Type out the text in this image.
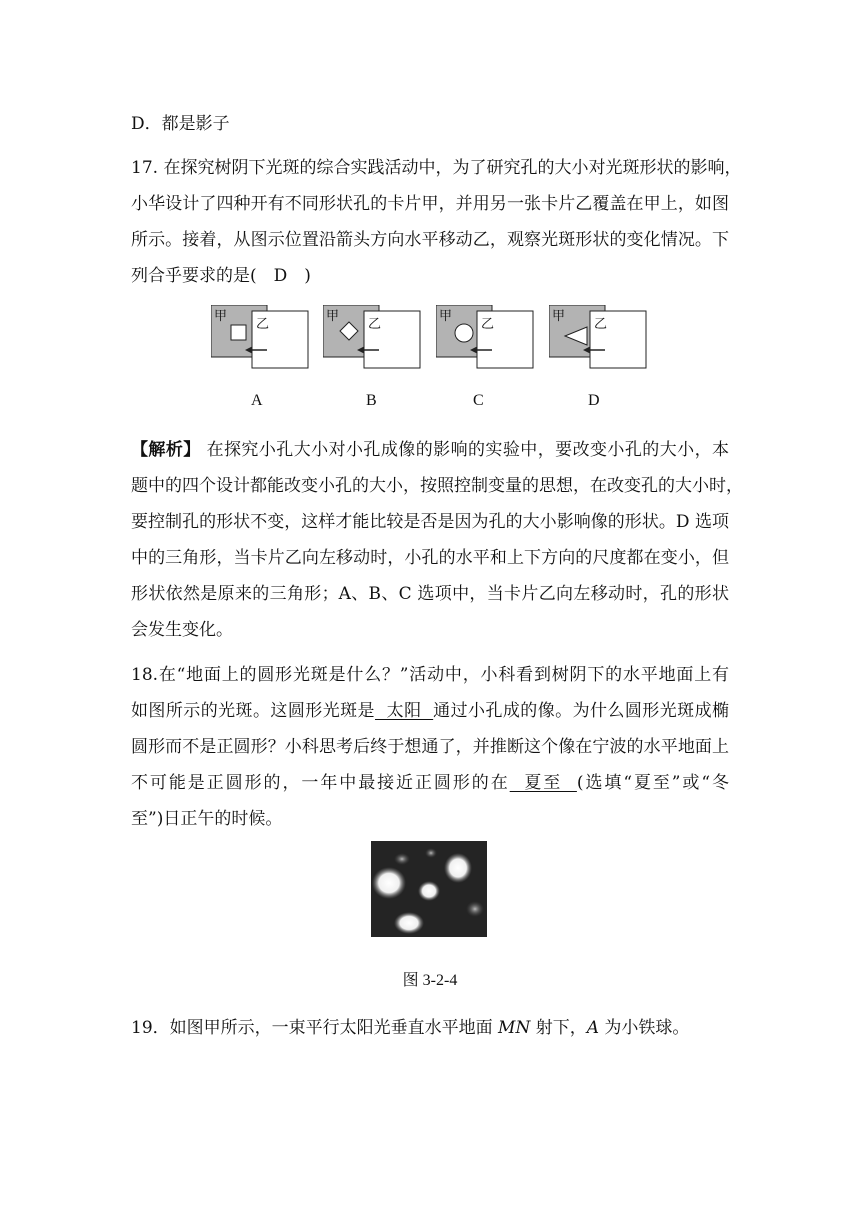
D．都是影子
17. 在探究树阴下光斑的综合实践活动中，为了研究孔的大小对光斑形状的影响，
小华设计了四种开有不同形状孔的卡片甲，并用另一张卡片乙覆盖在甲上，如图
所示。接着，从图示位置沿箭头方向水平移动乙，观察光斑形状的变化情况。下
列合乎要求的是(　D　)
甲
乙
甲
乙
甲
乙
甲
乙
A	B	C	D
【解析】 在探究小孔大小对小孔成像的影响的实验中，要改变小孔的大小，本
题中的四个设计都能改变小孔的大小，按照控制变量的思想，在改变孔的大小时，
要控制孔的形状不变，这样才能比较是否是因为孔的大小影响像的形状。D 选项
中的三角形，当卡片乙向左移动时，小孔的水平和上下方向的尺度都在变小，但
形状依然是原来的三角形；A、B、C 选项中，当卡片乙向左移动时，孔的形状
会发生变化。
18.在“地面上的圆形光斑是什么？”活动中，小科看到树阴下的水平地面上有
如图所示的光斑。这圆形光斑是  太阳  通过小孔成的像。为什么圆形光斑成椭
圆形而不是正圆形？小科思考后终于想通了，并推断这个像在宁波的水平地面上
不可能是正圆形的，一年中最接近正圆形的在  夏至  (选填“夏至”或“冬
至”)日正午的时候。
图 3-2-4
19．如图甲所示，一束平行太阳光垂直水平地面 MN 射下，A 为小铁球。
